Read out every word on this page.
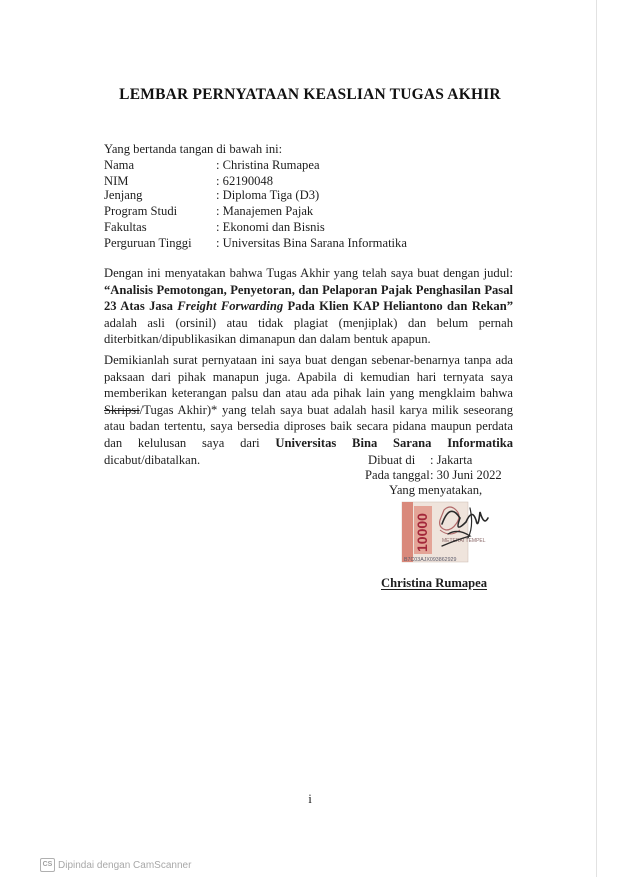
LEMBAR PERNYATAAN KEASLIAN TUGAS AKHIR
Yang bertanda tangan di bawah ini:
Nama	: Christina Rumapea
NIM	: 62190048
Jenjang	: Diploma Tiga (D3)
Program Studi	: Manajemen Pajak
Fakultas	: Ekonomi dan Bisnis
Perguruan Tinggi : Universitas Bina Sarana Informatika

Dengan ini menyatakan bahwa Tugas Akhir yang telah saya buat dengan judul: “Analisis Pemotongan, Penyetoran, dan Pelaporan Pajak Penghasilan Pasal 23 Atas Jasa Freight Forwarding Pada Klien KAP Heliantono dan Rekan” adalah asli (orsinil) atau tidak plagiat (menjiplak) dan belum pernah diterbitkan/dipublikasikan dimanapun dan dalam bentuk apapun.

Demikianlah surat pernyataan ini saya buat dengan sebenar-benarnya tanpa ada paksaan dari pihak manapun juga. Apabila di kemudian hari ternyata saya memberikan keterangan palsu dan atau ada pihak lain yang mengklaim bahwa Skripsi/Tugas Akhir)* yang telah saya buat adalah hasil karya milik seseorang atau badan tertentu, saya bersedia diproses baik secara pidana maupun perdata dan kelulusan saya dari Universitas Bina Sarana Informatika dicabut/dibatalkan.	Dibuat di : Jakarta
Pada tanggal : 30 Juni 2022
Yang menyatakan,
10000 METERAI TEMPEL
B7C03AJX093862929
Christina Rumapea
i
CS Dipindai dengan CamScanner
